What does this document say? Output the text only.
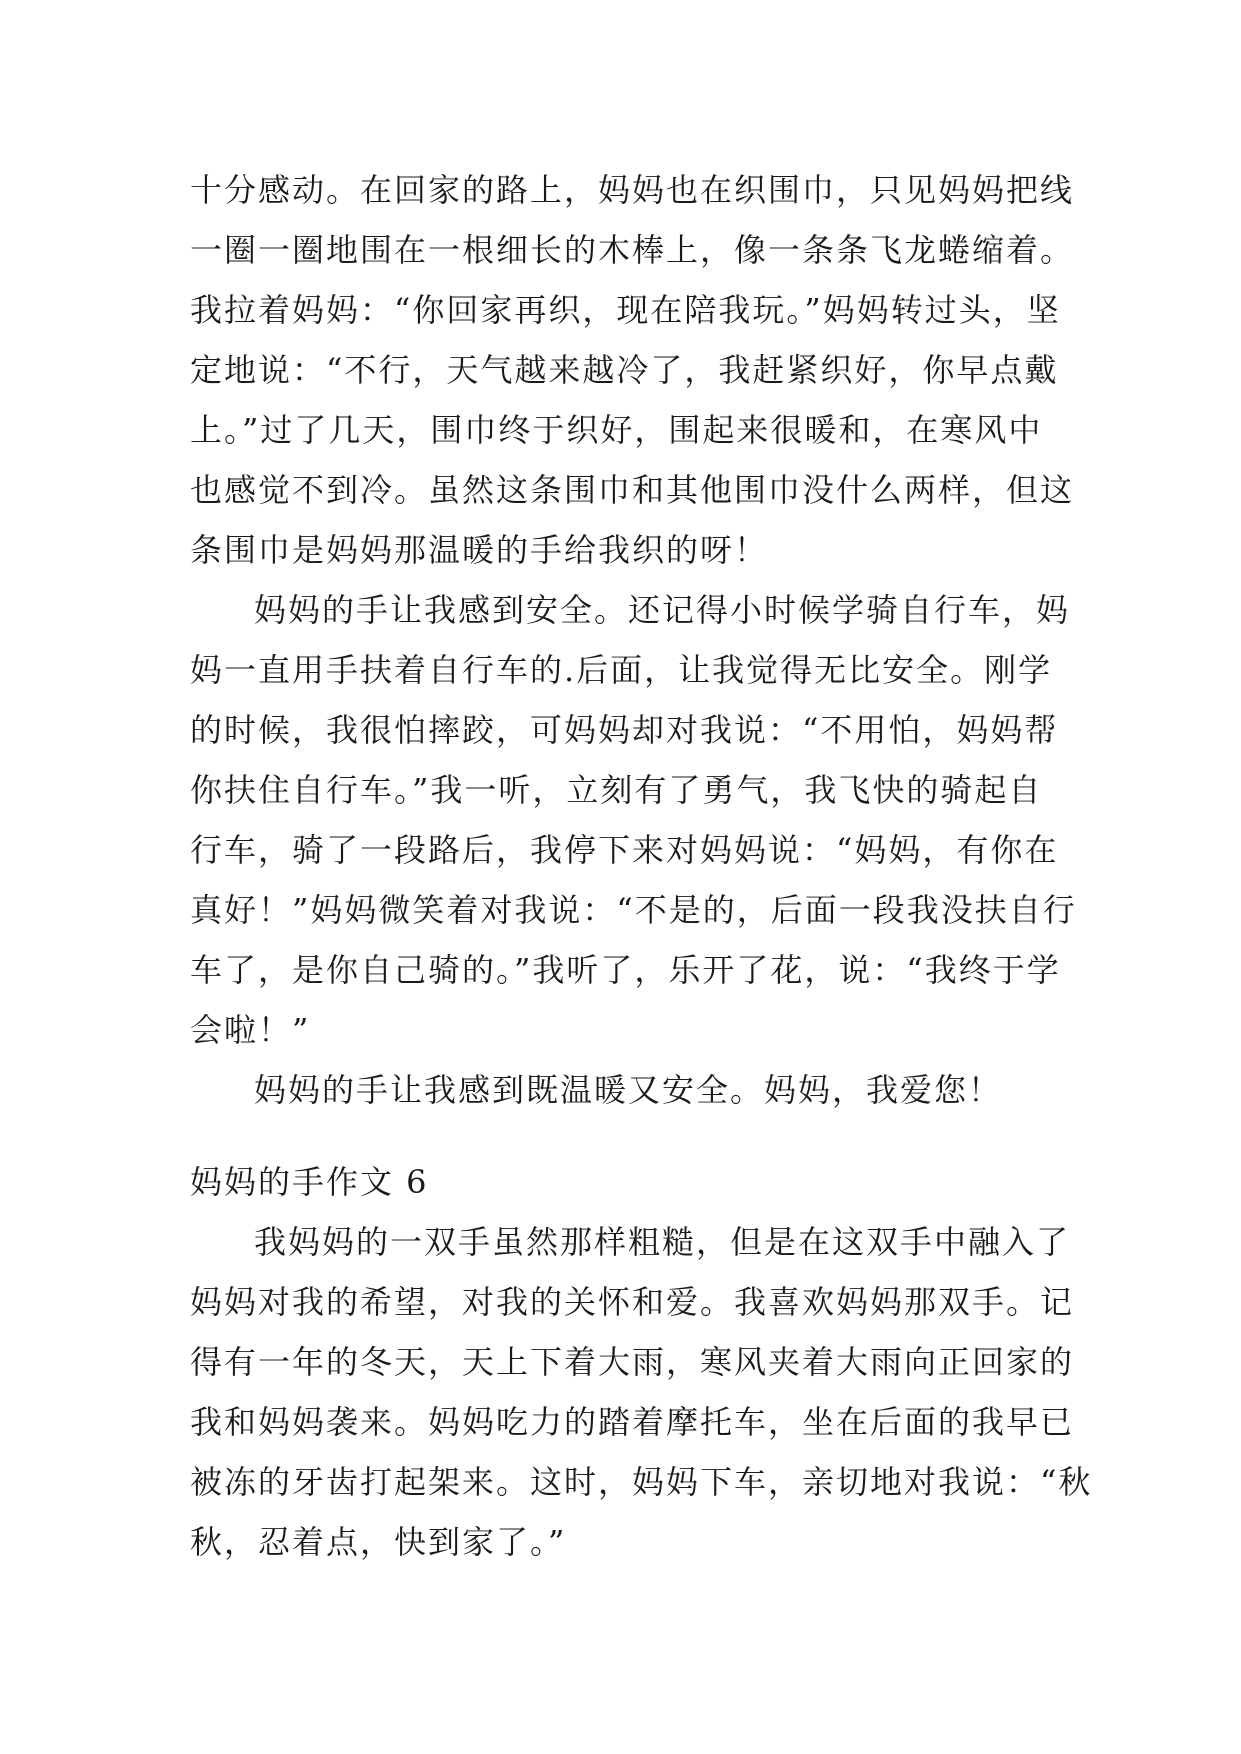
十分感动。在回家的路上，妈妈也在织围巾，只见妈妈把线
一圈一圈地围在一根细长的木棒上，像一条条飞龙蜷缩着。
我拉着妈妈：“你回家再织，现在陪我玩。”妈妈转过头，坚
定地说：“不行，天气越来越冷了，我赶紧织好，你早点戴
上。”过了几天，围巾终于织好，围起来很暖和，在寒风中
也感觉不到冷。虽然这条围巾和其他围巾没什么两样，但这
条围巾是妈妈那温暖的手给我织的呀！
妈妈的手让我感到安全。还记得小时候学骑自行车，妈
妈一直用手扶着自行车的.后面，让我觉得无比安全。刚学
的时候，我很怕摔跤，可妈妈却对我说：“不用怕，妈妈帮
你扶住自行车。”我一听，立刻有了勇气，我飞快的骑起自
行车，骑了一段路后，我停下来对妈妈说：“妈妈，有你在
真好！”妈妈微笑着对我说：“不是的，后面一段我没扶自行
车了，是你自己骑的。”我听了，乐开了花，说：“我终于学
会啦！”
妈妈的手让我感到既温暖又安全。妈妈，我爱您！
妈妈的手作文 6
我妈妈的一双手虽然那样粗糙，但是在这双手中融入了
妈妈对我的希望，对我的关怀和爱。我喜欢妈妈那双手。记
得有一年的冬天，天上下着大雨，寒风夹着大雨向正回家的
我和妈妈袭来。妈妈吃力的踏着摩托车，坐在后面的我早已
被冻的牙齿打起架来。这时，妈妈下车，亲切地对我说：“秋
秋，忍着点，快到家了。”
